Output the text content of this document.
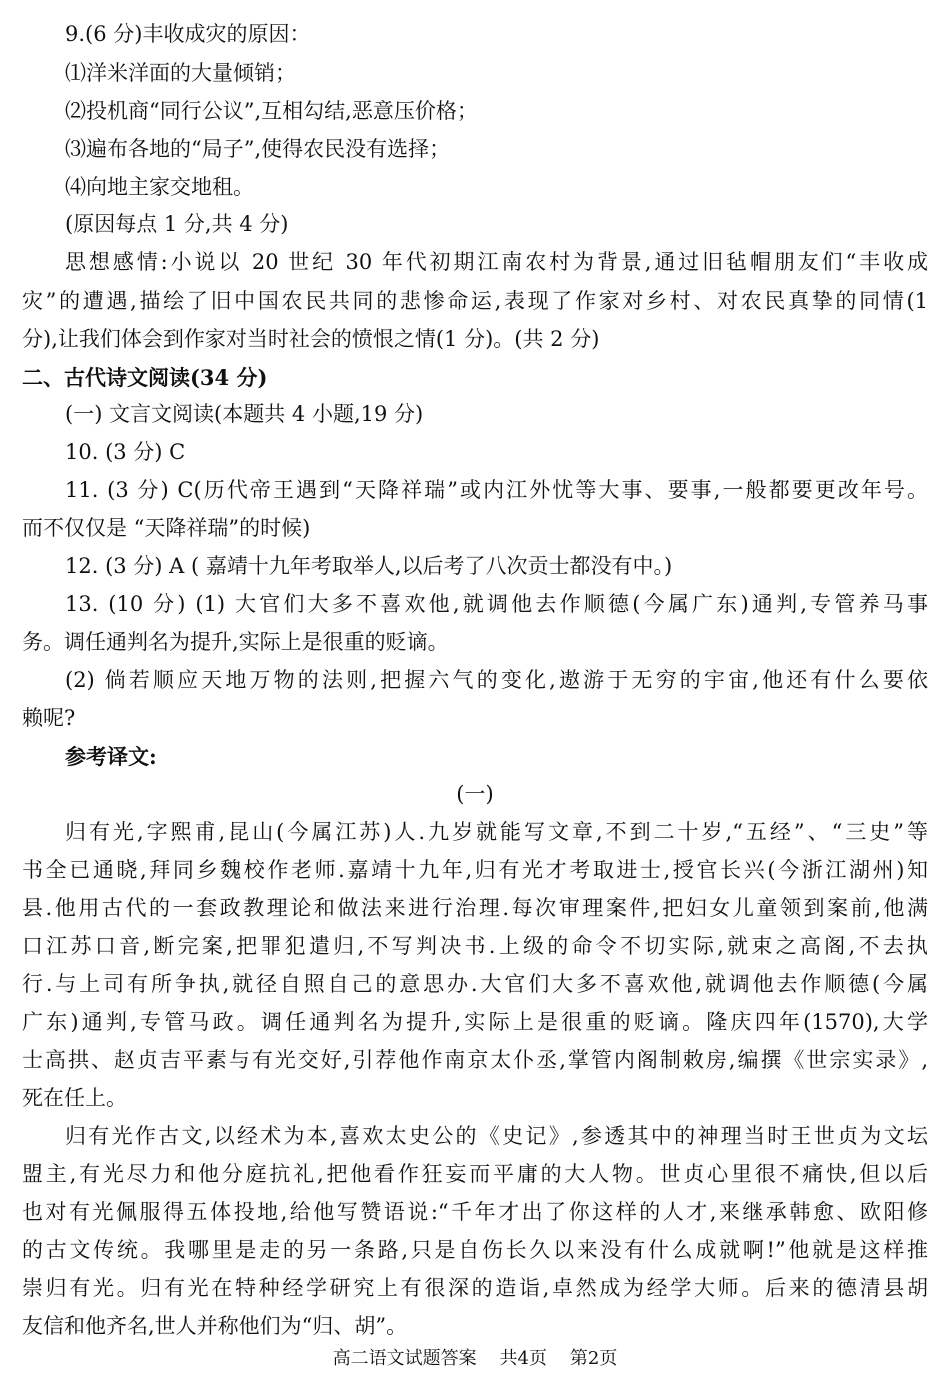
9.(6 分)丰收成灾的原因：
⑴洋米洋面的大量倾销；
⑵投机商“同行公议”,互相勾结,恶意压价格；
⑶遍布各地的“局子”,使得农民没有选择；
⑷向地主家交地租。
(原因每点 1 分,共 4 分)
思想感情:小说以 20 世纪 30 年代初期江南农村为背景,通过旧毡帽朋友们“丰收成
灾”的遭遇,描绘了旧中国农民共同的悲惨命运,表现了作家对乡村、对农民真挚的同情(1
分),让我们体会到作家对当时社会的愤恨之情(1 分)。(共 2 分)
二、古代诗文阅读(34 分)
(一) 文言文阅读(本题共 4 小题,19 分)
10. (3 分) C
11. (3 分) C(历代帝王遇到“天降祥瑞”或内江外忧等大事、要事,一般都要更改年号。
而不仅仅是 “天降祥瑞”的时候)
12. (3 分) A ( 嘉靖十九年考取举人,以后考了八次贡士都没有中。)
13. (10 分) (1) 大官们大多不喜欢他,就调他去作顺德(今属广东)通判,专管养马事
务。调任通判名为提升,实际上是很重的贬谪。
(2) 倘若顺应天地万物的法则,把握六气的变化,遨游于无穷的宇宙,他还有什么要依
赖呢?
参考译文:
(一)
归有光,字熙甫,昆山(今属江苏)人.九岁就能写文章,不到二十岁,“五经”、“三史”等
书全已通晓,拜同乡魏校作老师.嘉靖十九年,归有光才考取进士,授官长兴(今浙江湖州)知
县.他用古代的一套政教理论和做法来进行治理.每次审理案件,把妇女儿童领到案前,他满
口江苏口音,断完案,把罪犯遣归,不写判决书.上级的命令不切实际,就束之高阁,不去执
行.与上司有所争执,就径自照自己的意思办.大官们大多不喜欢他,就调他去作顺德(今属
广东)通判,专管马政。调任通判名为提升,实际上是很重的贬谪。隆庆四年(1570),大学
士高拱、赵贞吉平素与有光交好,引荐他作南京太仆丞,掌管内阁制敕房,编撰《世宗实录》,
死在任上。
归有光作古文,以经术为本,喜欢太史公的《史记》,参透其中的神理当时王世贞为文坛
盟主,有光尽力和他分庭抗礼,把他看作狂妄而平庸的大人物。世贞心里很不痛快,但以后
也对有光佩服得五体投地,给他写赞语说:“千年才出了你这样的人才,来继承韩愈、欧阳修
的古文传统。我哪里是走的另一条路,只是自伤长久以来没有什么成就啊!”他就是这样推
崇归有光。归有光在特种经学研究上有很深的造诣,卓然成为经学大师。后来的德清县胡
友信和他齐名,世人并称他们为“归、胡”。
高二语文试题答案    共4页    第2页
